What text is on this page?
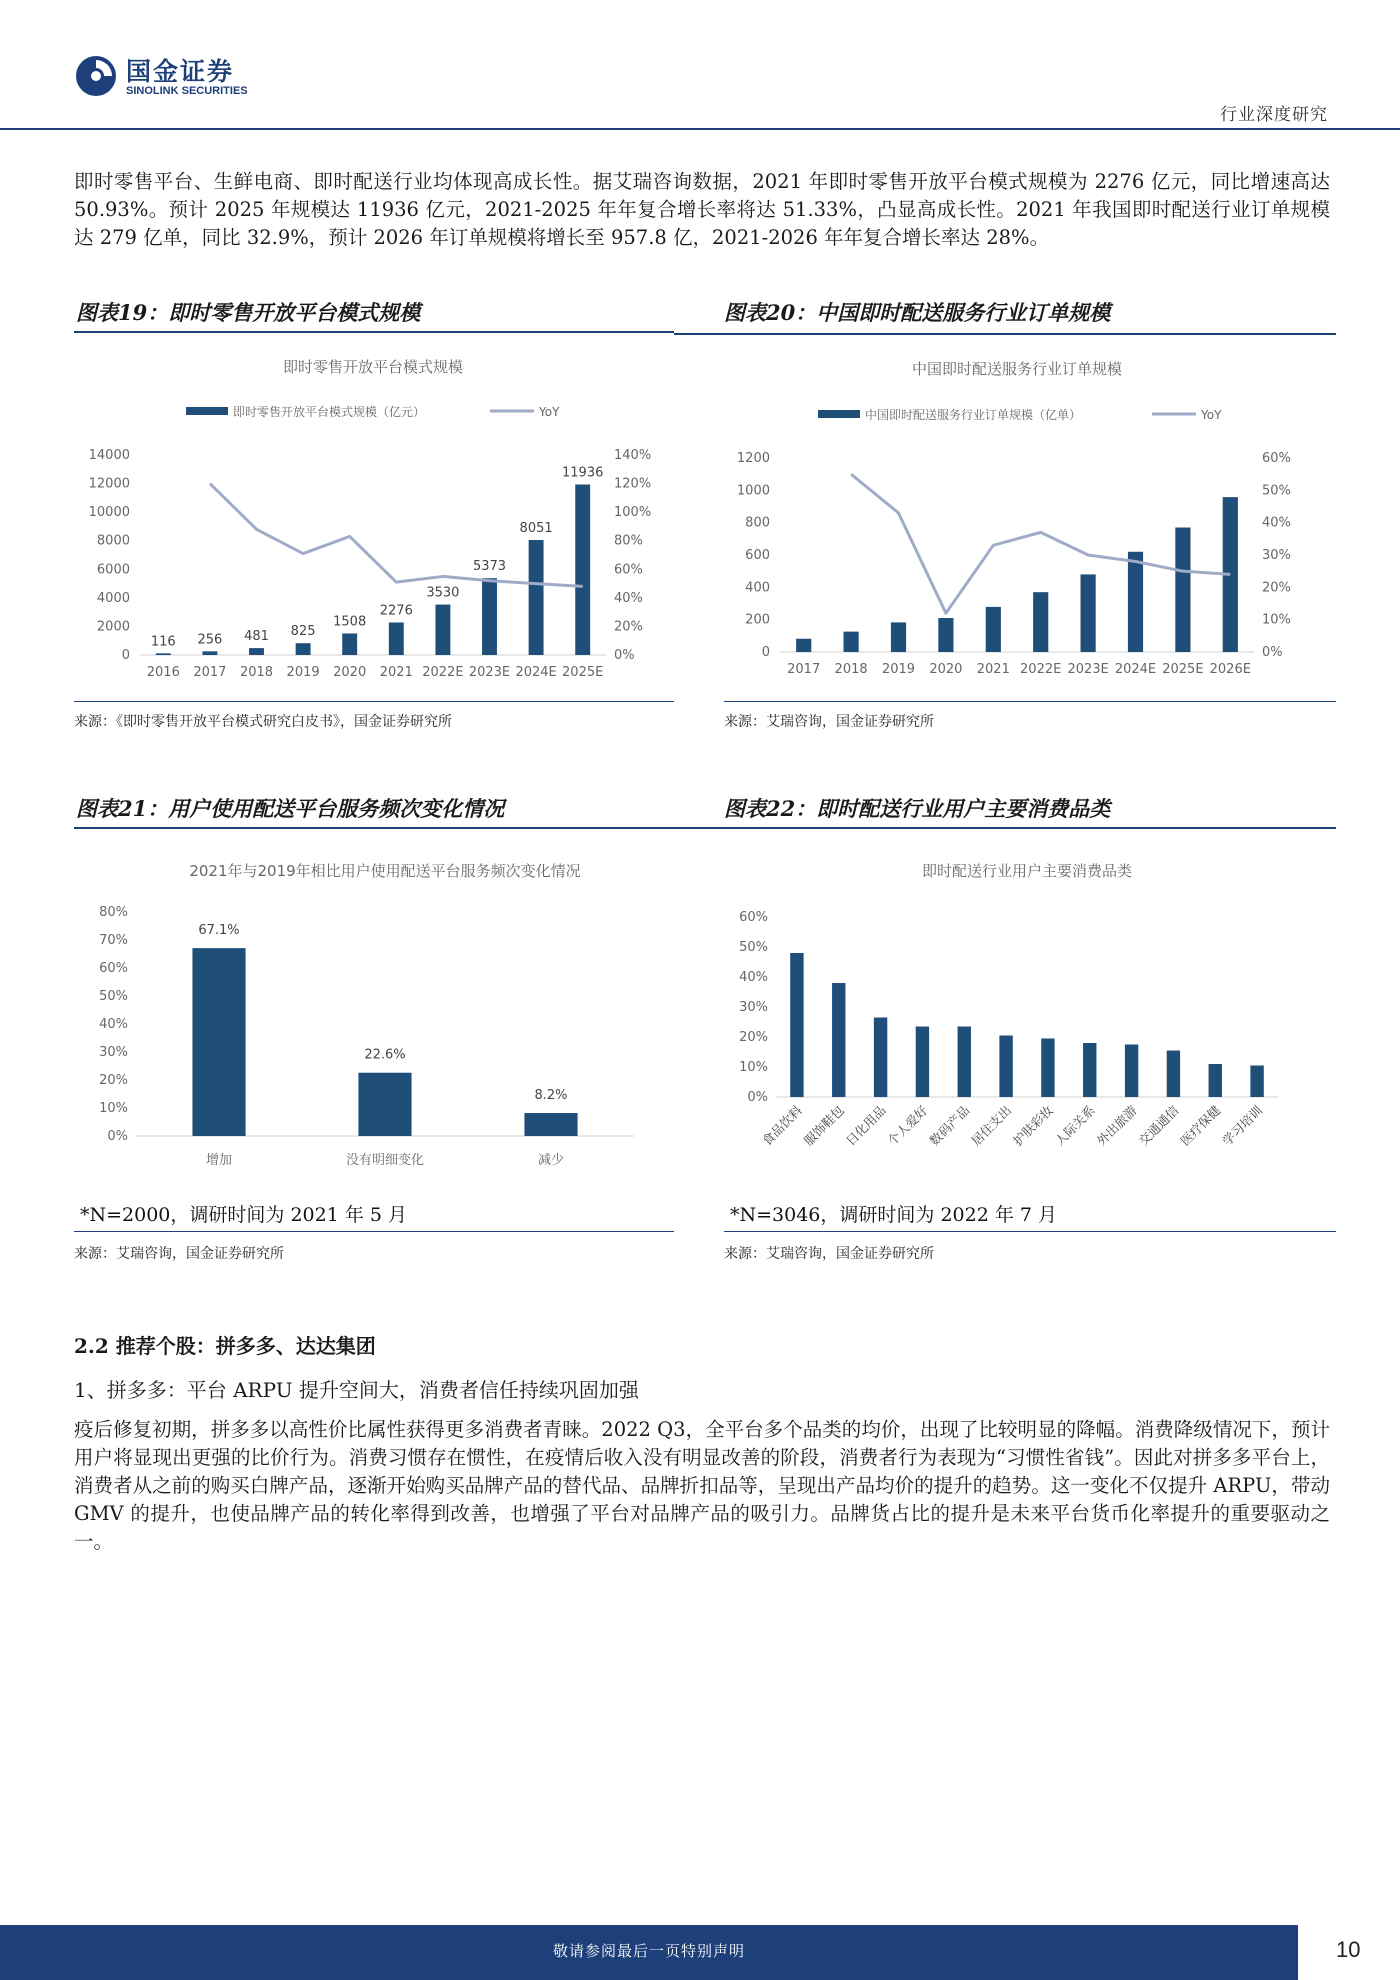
国金证券
SINOLINK SECURITIES
行业深度研究

即时零售平台、生鲜电商、即时配送行业均体现高成长性。据艾瑞咨询数据，2021 年即时零售开放平台模式规模为 2276 亿元，同比增速高达 50.93%。预计 2025 年规模达 11936 亿元，2021-2025 年年复合增长率将达 51.33%，凸显高成长性。2021 年我国即时配送行业订单规模达 279 亿单，同比 32.9%，预计 2026 年订单规模将增长至 957.8 亿，2021-2026 年年复合增长率达 28%。

图表19：即时零售开放平台模式规模
即时零售开放平台模式规模
即时零售开放平台模式规模（亿元）	YoY
0
2000
4000
6000
8000
10000
12000
14000
0%
20%
40%
60%
80%
100%
120%
140%
116 256 481 825
1508
2276
3530
5373
8051
11936
2016 2017 2018 2019 2020 2021 2022E 2023E 2024E 2025E
来源：《即时零售开放平台模式研究白皮书》，国金证券研究所
图表20：中国即时配送服务行业订单规模
中国即时配送服务行业订单规模
中国即时配送服务行业订单规模（亿单）	YoY
0
200
400
600
800
1000
1200
0%
10%
20%
30%
40%
50%
60%
2017 2018 2019 2020 2021 2022E 2023E 2024E 2025E 2026E
来源：艾瑞咨询，国金证券研究所
图表21：用户使用配送平台服务频次变化情况
2021年与2019年相比用户使用配送平台服务频次变化情况
0%
10%
20%
30%
40%
50%
60%
70%
80%
67.1%
22.6%
8.2%
增加	没有明细变化	减少
*N=2000，调研时间为 2021 年 5 月
来源：艾瑞咨询，国金证券研究所
图表22：即时配送行业用户主要消费品类
即时配送行业用户主要消费品类
0%
10%
20%
30%
40%
50%
60%
食品饮料
服饰鞋包
日化用品
个人爱好
数码产品
居住支出
护肤彩妆
人际关系
外出旅游
交通通信
医疗保健
学习培训
*N=3046，调研时间为 2022 年 7 月
来源：艾瑞咨询，国金证券研究所
2.2 推荐个股：拼多多、达达集团
1、拼多多：平台 ARPU 提升空间大，消费者信任持续巩固加强

疫后修复初期，拼多多以高性价比属性获得更多消费者青睐。2022 Q3，全平台多个品类的均价，出现了比较明显的降幅。消费降级情况下，预计用户将显现出更强的比价行为。消费习惯存在惯性，在疫情后收入没有明显改善的阶段，消费者行为表现为“习惯性省钱”。因此对拼多多平台上，消费者从之前的购买白牌产品，逐渐开始购买品牌产品的替代品、品牌折扣品等，呈现出产品均价的提升的趋势。这一变化不仅提升 ARPU，带动 GMV 的提升，也使品牌产品的转化率得到改善，也增强了平台对品牌产品的吸引力。品牌货占比的提升是未来平台货币化率提升的重要驱动之一。

敬请参阅最后一页特别声明	10
